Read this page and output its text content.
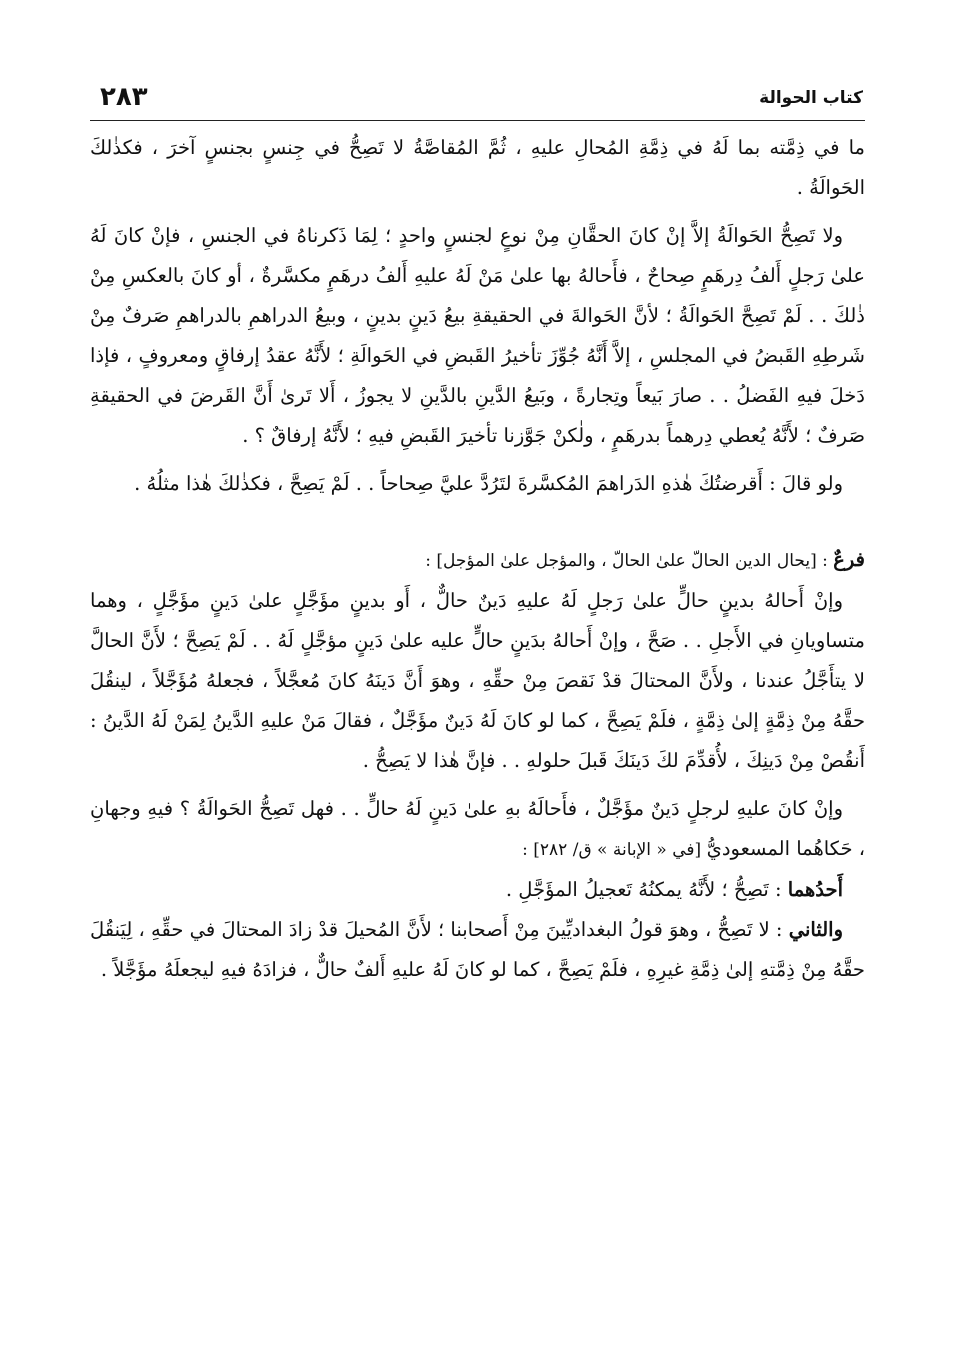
كتاب الحوالة
٢٨٣

ما في ذِمَّته بما لَهُ في ذِمَّةِ المُحالِ عليهِ ، ثُمَّ المُقاصَّةُ لا تَصِحُّ في جِنسٍ بجنسٍ آخرَ ، فكذٰلكَ الحَوالَةُ .

ولا تَصِحُّ الحَوالَةُ إلاَّ إنْ كانَ الحقَّانِ مِنْ نوعٍ لجنسٍ واحدٍ ؛ لِمَا ذَكرناهُ في الجنسِ ، فإنْ كانَ لَهُ علىٰ رَجلٍ أَلفُ دِرهَمٍ صِحاحٌ ، فأَحالهُ بها علىٰ مَنْ لَهُ عليهِ أَلفُ درهَمٍ مكسَّرةٌ ، أو كانَ بالعكسِ مِنْ ذٰلكَ . . لَمْ تَصِحَّ الحَوالَةُ ؛ لأنَّ الحَوالةَ في الحقيقةِ بيعُ دَينٍ بدينٍ ، وبيعُ الدراهمِ بالدراهمِ صَرفٌ مِنْ شَرطِهِ القَبضُ في المجلسِ ، إلاَّ أَنَّهُ جُوِّزَ تأخيرُ القَبضِ في الحَوالَةِ ؛ لأَنَّهُ عقدُ إرفاقٍ ومعروفٍ ، فإذا دَخلَ فيهِ الفَضلُ . . صارَ بَيعاً وتِجارةً ، وبَيعُ الدَّينِ بالدَّينِ لا يجوزُ ، أَلا تَرىٰ أَنَّ القَرضَ في الحقيقةِ صَرفٌ ؛ لأَنَّهُ يُعطي دِرهماً بدرهَمٍ ، ولٰكنْ جَوَّزنا تأخيرَ القَبضِ فيهِ ؛ لأَنَّهُ إرفاقٌ ؟ .

ولو قالَ : أَقرضتُكَ هٰذهِ الدَراهمَ المُكسَّرةَ لتَرُدَّ عليَّ صِحاحاً . . لَمْ يَصِحَّ ، فكذٰلكَ هٰذا مثلُهُ .

فرعٌ : [يحال الدين الحالّ علىٰ الحالّ ، والمؤجل علىٰ المؤجل] :

وإنْ أَحالهُ بدينٍ حالٍّ علىٰ رَجلٍ لَهُ عليهِ دَينٌ حالٌّ ، أَو بدينٍ مؤَجَّلٍ علىٰ دَينٍ مؤَجَّلٍ ، وهما متساويانِ في الأَجلِ . . صَحَّ ، وإنْ أَحالهُ بدَينٍ حالٍّ عليه علىٰ دَينٍ مؤجَّلٍ لَهُ . . لَمْ يَصِحَّ ؛ لأَنَّ الحالَّ لا يتأَجَّلُ عندنا ، ولأَنَّ المحتالَ قدْ نَقصَ مِنْ حقِّهِ ، وهوَ أَنَّ دَينَهُ كانَ مُعجَّلاً ، فجعلهُ مُؤَجَّلاً ، لينقُلَ حقَّهُ مِنْ ذِمَّةٍ إلىٰ ذِمَّةٍ ، فلَمْ يَصِحَّ ، كما لو كانَ لَهُ دَينٌ مؤَجَّلٌ ، فقالَ مَنْ عليهِ الدَّينُ لِمَنْ لَهُ الدَّينُ : أَنقُصْ مِنْ دَينِكَ ، لأُقدِّمَ لكَ دَينَكَ قَبلَ حلولهِ . . فإنَّ هٰذا لا يَصِحُّ .

وإنْ كانَ عليهِ لرجلٍ دَينٌ مؤَجَّلٌ ، فأَحالَهُ بهِ علىٰ دَينٍ لَهُ حالٍّ . . فهل تَصِحُّ الحَوالَةُ ؟ فيهِ وجهانِ ، حَكاهُما المسعوديُّ [في « الإبانة » ق/ ٢٨٢] :

أَحدُهما : تَصِحُّ ؛ لأَنَّهُ يمكنُهُ تَعجيلُ المؤَجَّلِ .

والثاني : لا تَصِحُّ ، وهوَ قولُ البغداديِّينَ مِنْ أَصحابنا ؛ لأَنَّ المُحيلَ قدْ زادَ المحتالَ في حقِّهِ ، لِيَنقُلَ حقَّهُ مِنْ ذِمَّتهِ إلىٰ ذِمَّةِ غيرِهِ ، فلَمْ يَصِحَّ ، كما لو كانَ لَهُ عليهِ أَلفٌ حالٌّ ، فزادَهُ فيهِ ليجعلَهُ مؤَجَّلاً .
